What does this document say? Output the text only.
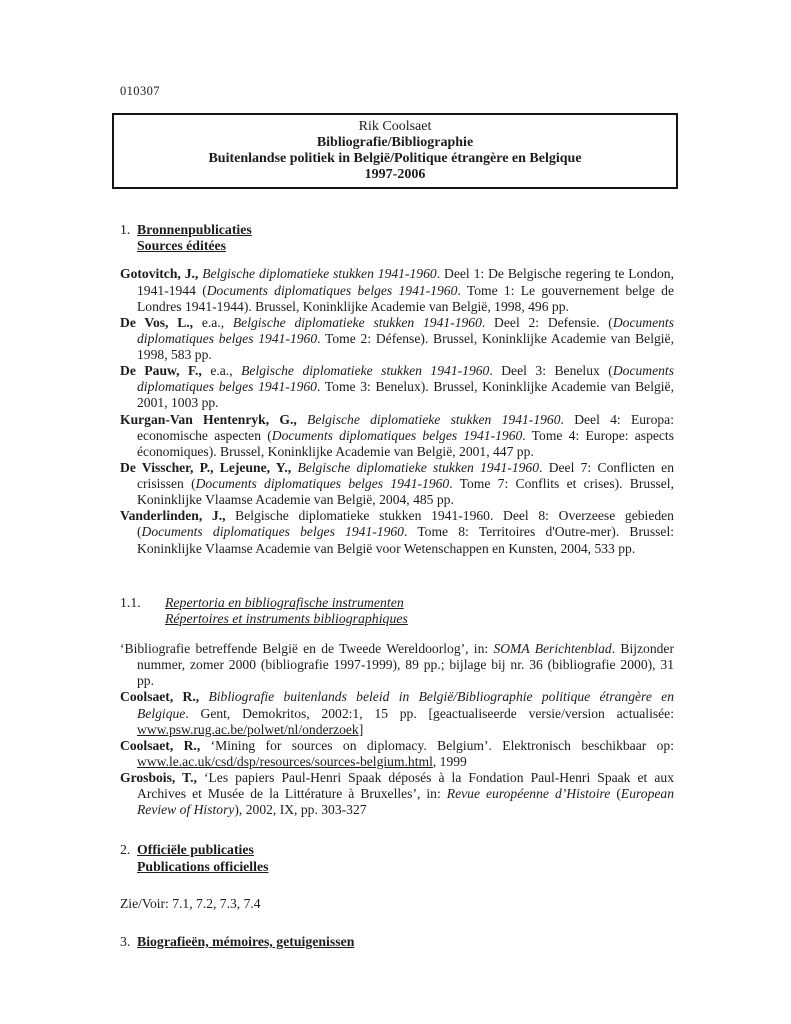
010307
Rik Coolsaet
Bibliografie/Bibliographie
Buitenlandse politiek in België/Politique étrangère en Belgique
1997-2006
1. Bronnenpublicaties
Sources éditées

Gotovitch, J., Belgische diplomatieke stukken 1941-1960. Deel 1: De Belgische regering te London, 1941-1944 (Documents diplomatiques belges 1941-1960. Tome 1: Le gouvernement belge de Londres 1941-1944). Brussel, Koninklijke Academie van België, 1998, 496 pp.

De Vos, L., e.a., Belgische diplomatieke stukken 1941-1960. Deel 2: Defensie. (Documents diplomatiques belges 1941-1960. Tome 2: Défense). Brussel, Koninklijke Academie van België, 1998, 583 pp.

De Pauw, F., e.a., Belgische diplomatieke stukken 1941-1960. Deel 3: Benelux (Documents diplomatiques belges 1941-1960. Tome 3: Benelux). Brussel, Koninklijke Academie van België, 2001, 1003 pp.

Kurgan-Van Hentenryk, G., Belgische diplomatieke stukken 1941-1960. Deel 4: Europa: economische aspecten (Documents diplomatiques belges 1941-1960. Tome 4: Europe: aspects économiques). Brussel, Koninklijke Academie van België, 2001, 447 pp.

De Visscher, P., Lejeune, Y., Belgische diplomatieke stukken 1941-1960. Deel 7: Conflicten en crisissen (Documents diplomatiques belges 1941-1960. Tome 7: Conflits et crises). Brussel, Koninklijke Vlaamse Academie van België, 2004, 485 pp.

Vanderlinden, J., Belgische diplomatieke stukken 1941-1960. Deel 8: Overzeese gebieden (Documents diplomatiques belges 1941-1960. Tome 8: Territoires d'Outre-mer). Brussel: Koninklijke Vlaamse Academie van België voor Wetenschappen en Kunsten, 2004, 533 pp.

1.1.	Repertoria en bibliografische instrumenten
Répertoires et instruments bibliographiques

‘Bibliografie betreffende België en de Tweede Wereldoorlog’, in: SOMA Berichtenblad. Bijzonder nummer, zomer 2000 (bibliografie 1997-1999), 89 pp.; bijlage bij nr. 36 (bibliografie 2000), 31 pp.

Coolsaet, R., Bibliografie buitenlands beleid in België/Bibliographie politique étrangère en Belgique. Gent, Demokritos, 2002:1, 15 pp. [geactualiseerde versie/version actualisée: www.psw.rug.ac.be/polwet/nl/onderzoek]

Coolsaet, R., ‘Mining for sources on diplomacy. Belgium’. Elektronisch beschikbaar op: www.le.ac.uk/csd/dsp/resources/sources-belgium.html, 1999

Grosbois, T., ‘Les papiers Paul-Henri Spaak déposés à la Fondation Paul-Henri Spaak et aux Archives et Musée de la Littérature à Bruxelles’, in: Revue européenne d’Histoire (European Review of History), 2002, IX, pp. 303-327

2. Officiële publicaties
Publications officielles
Zie/Voir: 7.1, 7.2, 7.3, 7.4
3. Biografieën, mémoires, getuigenissen
